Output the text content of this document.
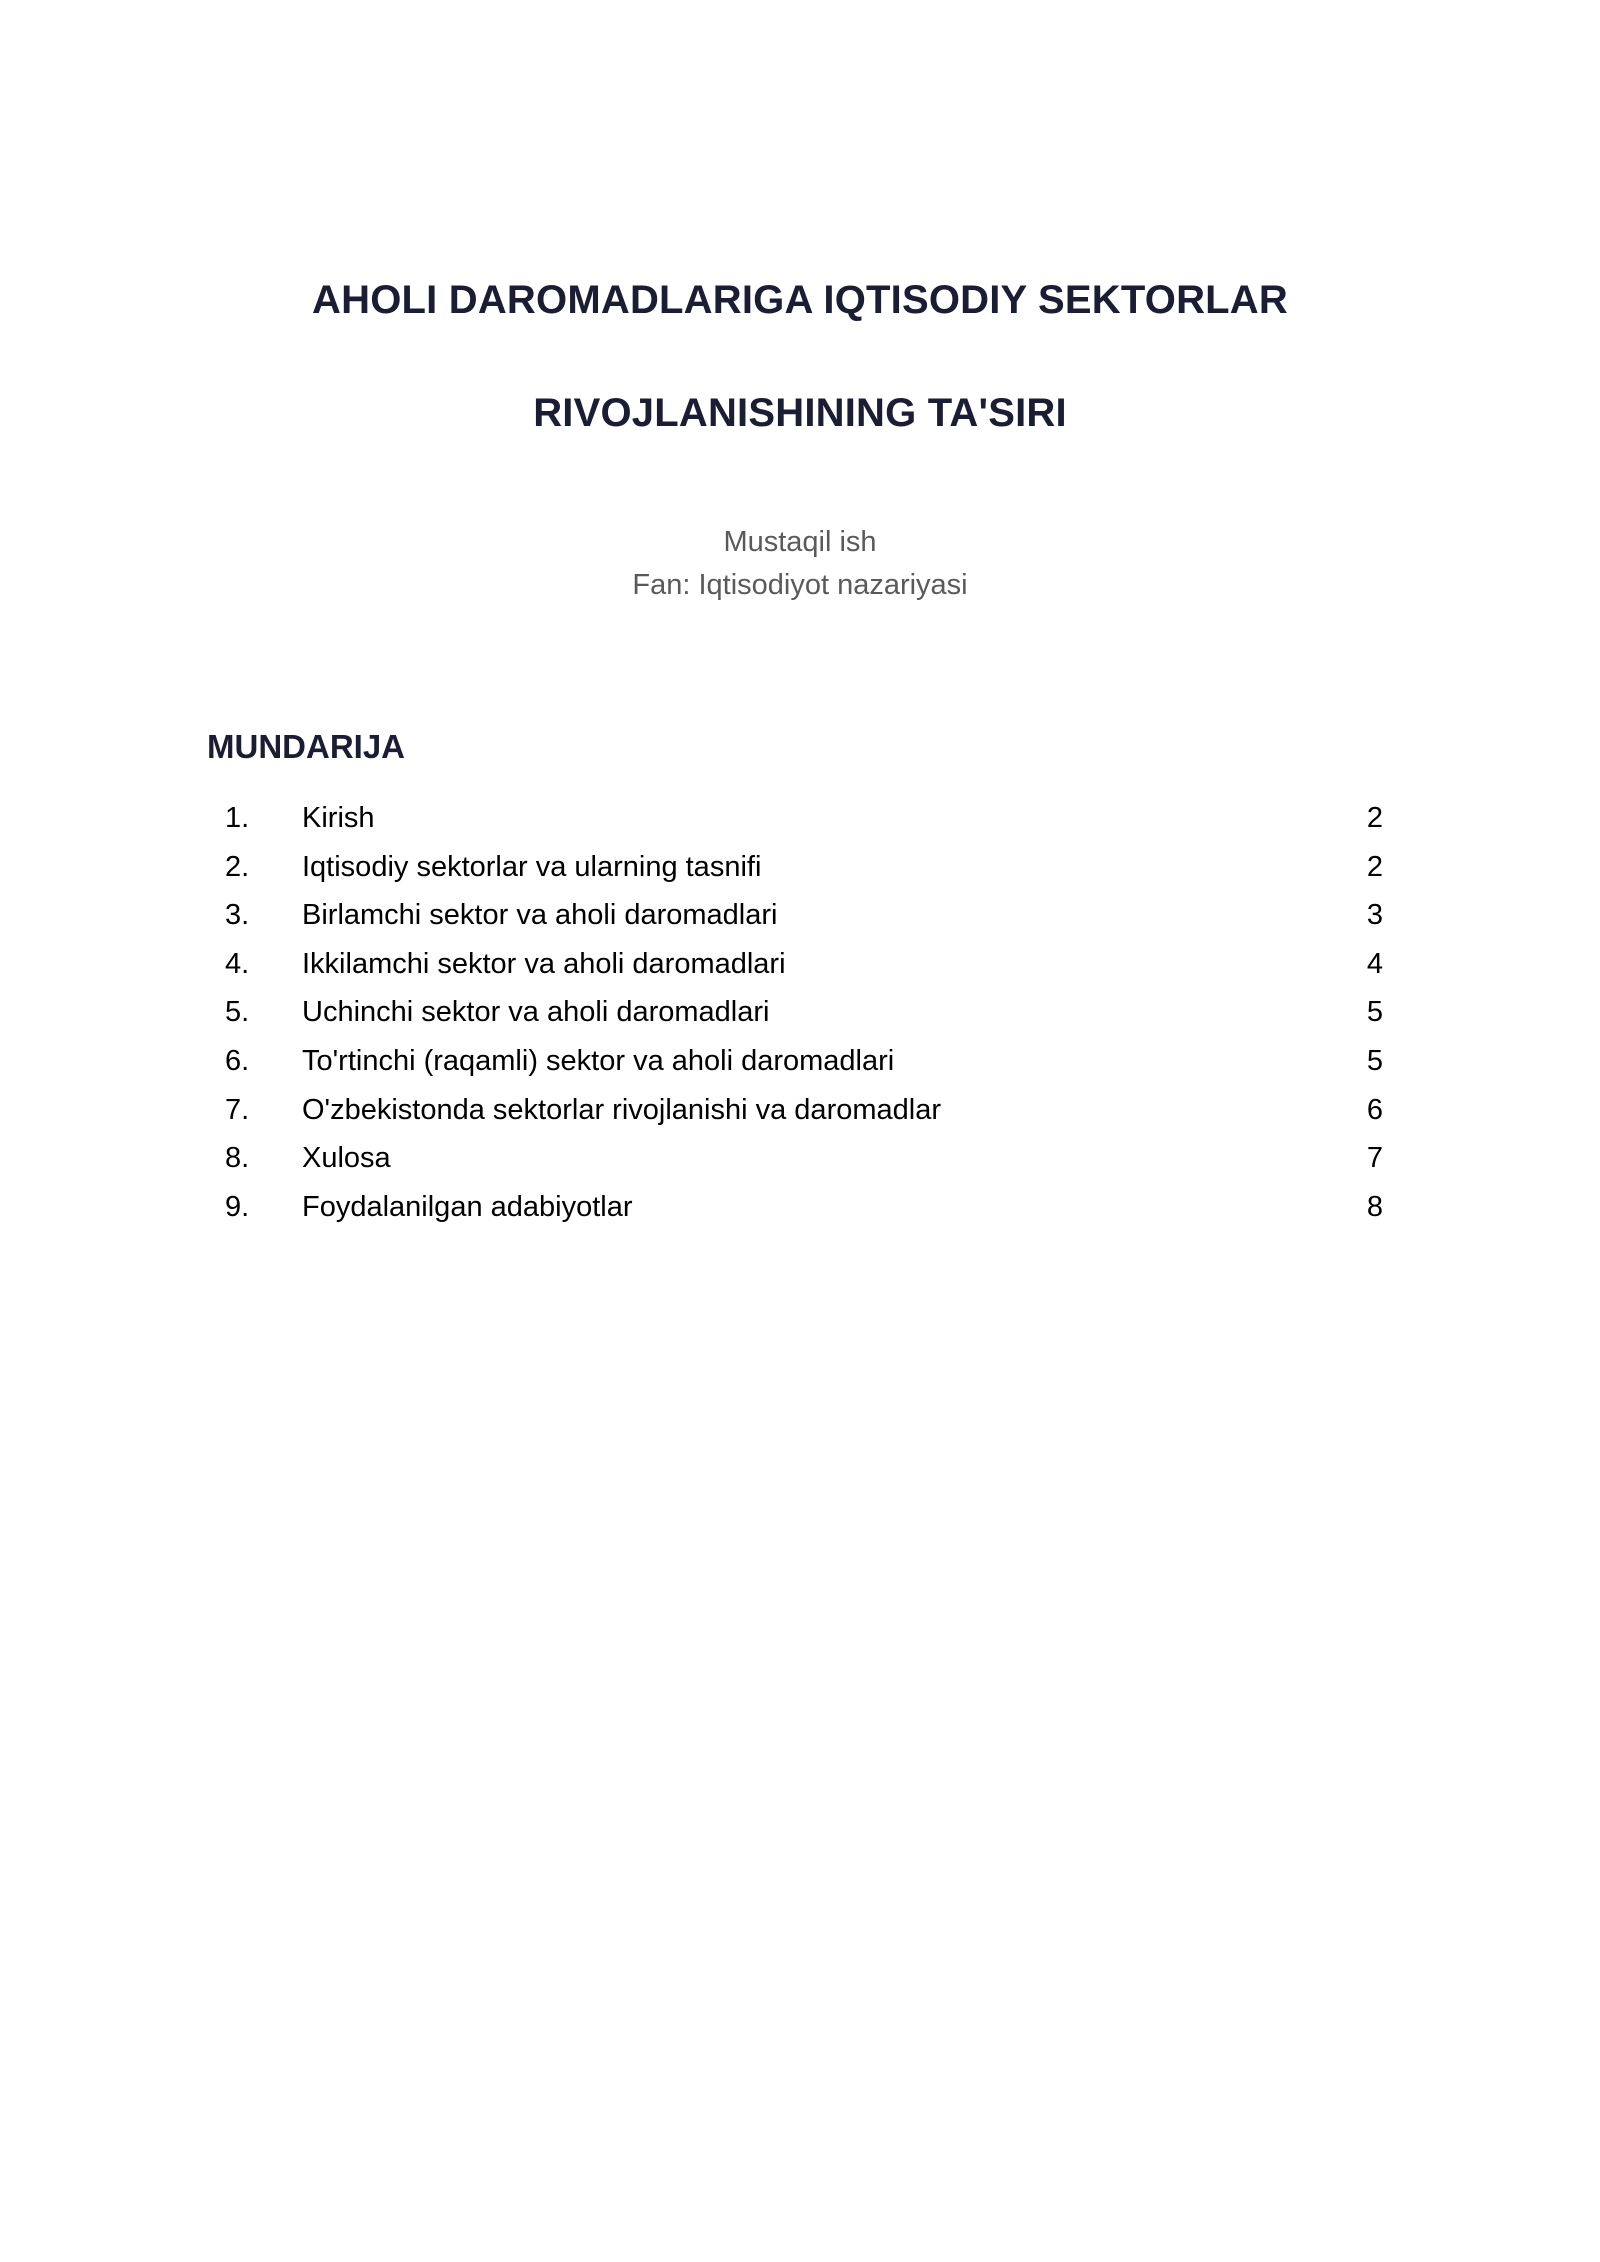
AHOLI DAROMADLARIGA IQTISODIY SEKTORLAR
RIVOJLANISHINING TA'SIRI
Mustaqil ish
Fan: Iqtisodiyot nazariyasi
MUNDARIJA
1. Kirish	2
2. Iqtisodiy sektorlar va ularning tasnifi	2
3. Birlamchi sektor va aholi daromadlari	3
4. Ikkilamchi sektor va aholi daromadlari	4
5. Uchinchi sektor va aholi daromadlari	5
6. To'rtinchi (raqamli) sektor va aholi daromadlari	5
7. O'zbekistonda sektorlar rivojlanishi va daromadlar	6
8. Xulosa	7
9. Foydalanilgan adabiyotlar	8
